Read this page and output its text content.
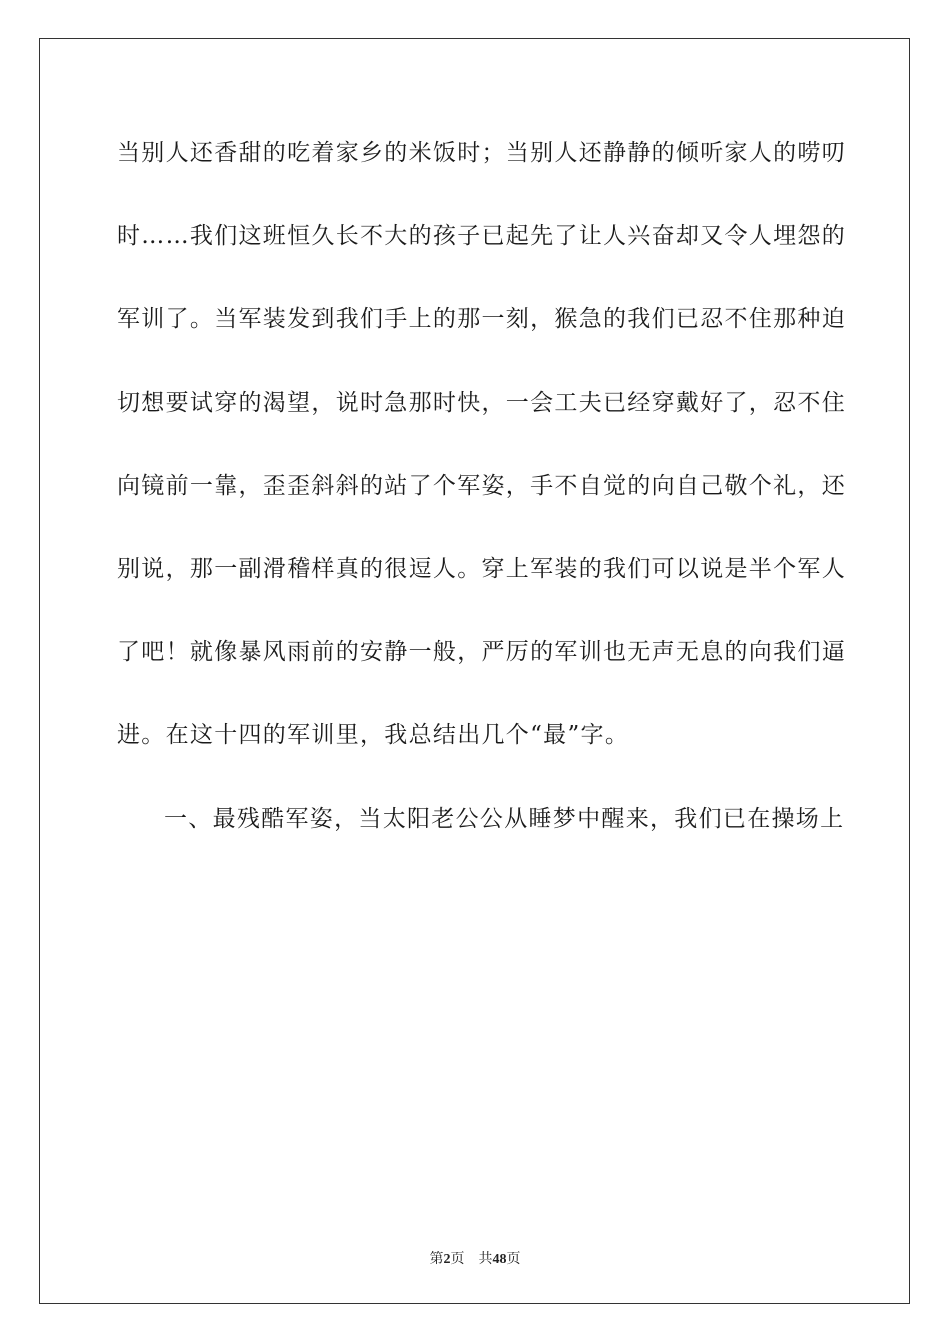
当别人还香甜的吃着家乡的米饭时；当别人还静静的倾听家人的唠叨
时……我们这班恒久长不大的孩子已起先了让人兴奋却又令人埋怨的
军训了。当军装发到我们手上的那一刻，猴急的我们已忍不住那种迫
切想要试穿的渴望，说时急那时快，一会工夫已经穿戴好了，忍不住
向镜前一靠，歪歪斜斜的站了个军姿，手不自觉的向自己敬个礼，还
别说，那一副滑稽样真的很逗人。穿上军装的我们可以说是半个军人
了吧！就像暴风雨前的安静一般，严厉的军训也无声无息的向我们逼
进。在这十四的军训里，我总结出几个“最”字。
一、最残酷军姿，当太阳老公公从睡梦中醒来，我们已在操场上
第2页 共48页
